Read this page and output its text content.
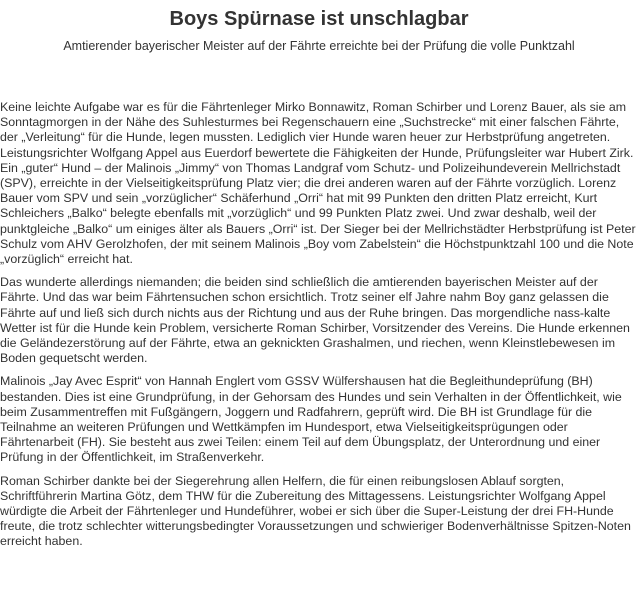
Boys Spürnase ist unschlagbar
Amtierender bayerischer Meister auf der Fährte erreichte bei der Prüfung die volle Punktzahl

Keine leichte Aufgabe war es für die Fährtenleger Mirko Bonnawitz, Roman Schirber und Lorenz Bauer, als sie am Sonntagmorgen in der Nähe des Suhlesturmes bei Regenschauern eine „Suchstrecke“ mit einer falschen Fährte, der „Verleitung“ für die Hunde, legen mussten. Lediglich vier Hunde waren heuer zur Herbstprüfung angetreten. Leistungsrichter Wolfgang Appel aus Euerdorf bewertete die Fähigkeiten der Hunde, Prüfungsleiter war Hubert Zirk.

Ein „guter“ Hund – der Malinois „Jimmy“ von Thomas Landgraf vom Schutz- und Polizeihundeverein Mellrichstadt (SPV), erreichte in der Vielseitigkeitsprüfung Platz vier; die drei anderen waren auf der Fährte vorzüglich. Lorenz Bauer vom SPV und sein „vorzüglicher“ Schäferhund „Orri“ hat mit 99 Punkten den dritten Platz erreicht, Kurt Schleichers „Balko“ belegte ebenfalls mit „vorzüglich“ und 99 Punkten Platz zwei. Und zwar deshalb, weil der punktgleiche „Balko“ um einiges älter als Bauers „Orri“ ist. Der Sieger bei der Mellrichstädter Herbstprüfung ist Peter Schulz vom AHV Gerolzhofen, der mit seinem Malinois „Boy vom Zabelstein“ die Höchstpunktzahl 100 und die Note „vorzüglich“ erreicht hat.

Das wunderte allerdings niemanden; die beiden sind schließlich die amtierenden bayerischen Meister auf der Fährte. Und das war beim Fährtensuchen schon ersichtlich. Trotz seiner elf Jahre nahm Boy ganz gelassen die Fährte auf und ließ sich durch nichts aus der Richtung und aus der Ruhe bringen. Das morgendliche nass-kalte Wetter ist für die Hunde kein Problem, versicherte Roman Schirber, Vorsitzender des Vereins. Die Hunde erkennen die Geländezerstörung auf der Fährte, etwa an geknickten Grashalmen, und riechen, wenn Kleinstlebewesen im Boden gequetscht werden.

Malinois „Jay Avec Esprit“ von Hannah Englert vom GSSV Wülfershausen hat die Begleithundeprüfung (BH) bestanden. Dies ist eine Grundprüfung, in der Gehorsam des Hundes und sein Verhalten in der Öffentlichkeit, wie beim Zusammentreffen mit Fußgängern, Joggern und Radfahrern, geprüft wird. Die BH ist Grundlage für die Teilnahme an weiteren Prüfungen und Wettkämpfen im Hundesport, etwa Vielseitigkeitsprügungen oder Fährtenarbeit (FH). Sie besteht aus zwei Teilen: einem Teil auf dem Übungsplatz, der Unterordnung und einer Prüfung in der Öffentlichkeit, im Straßenverkehr.

Roman Schirber dankte bei der Siegerehrung allen Helfern, die für einen reibungslosen Ablauf sorgten, Schriftführerin Martina Götz, dem THW für die Zubereitung des Mittagessens. Leistungsrichter Wolfgang Appel würdigte die Arbeit der Fährtenleger und Hundeführer, wobei er sich über die Super-Leistung der drei FH-Hunde freute, die trotz schlechter witterungsbedingter Voraussetzungen und schwieriger Bodenverhältnisse Spitzen-Noten erreicht haben.
